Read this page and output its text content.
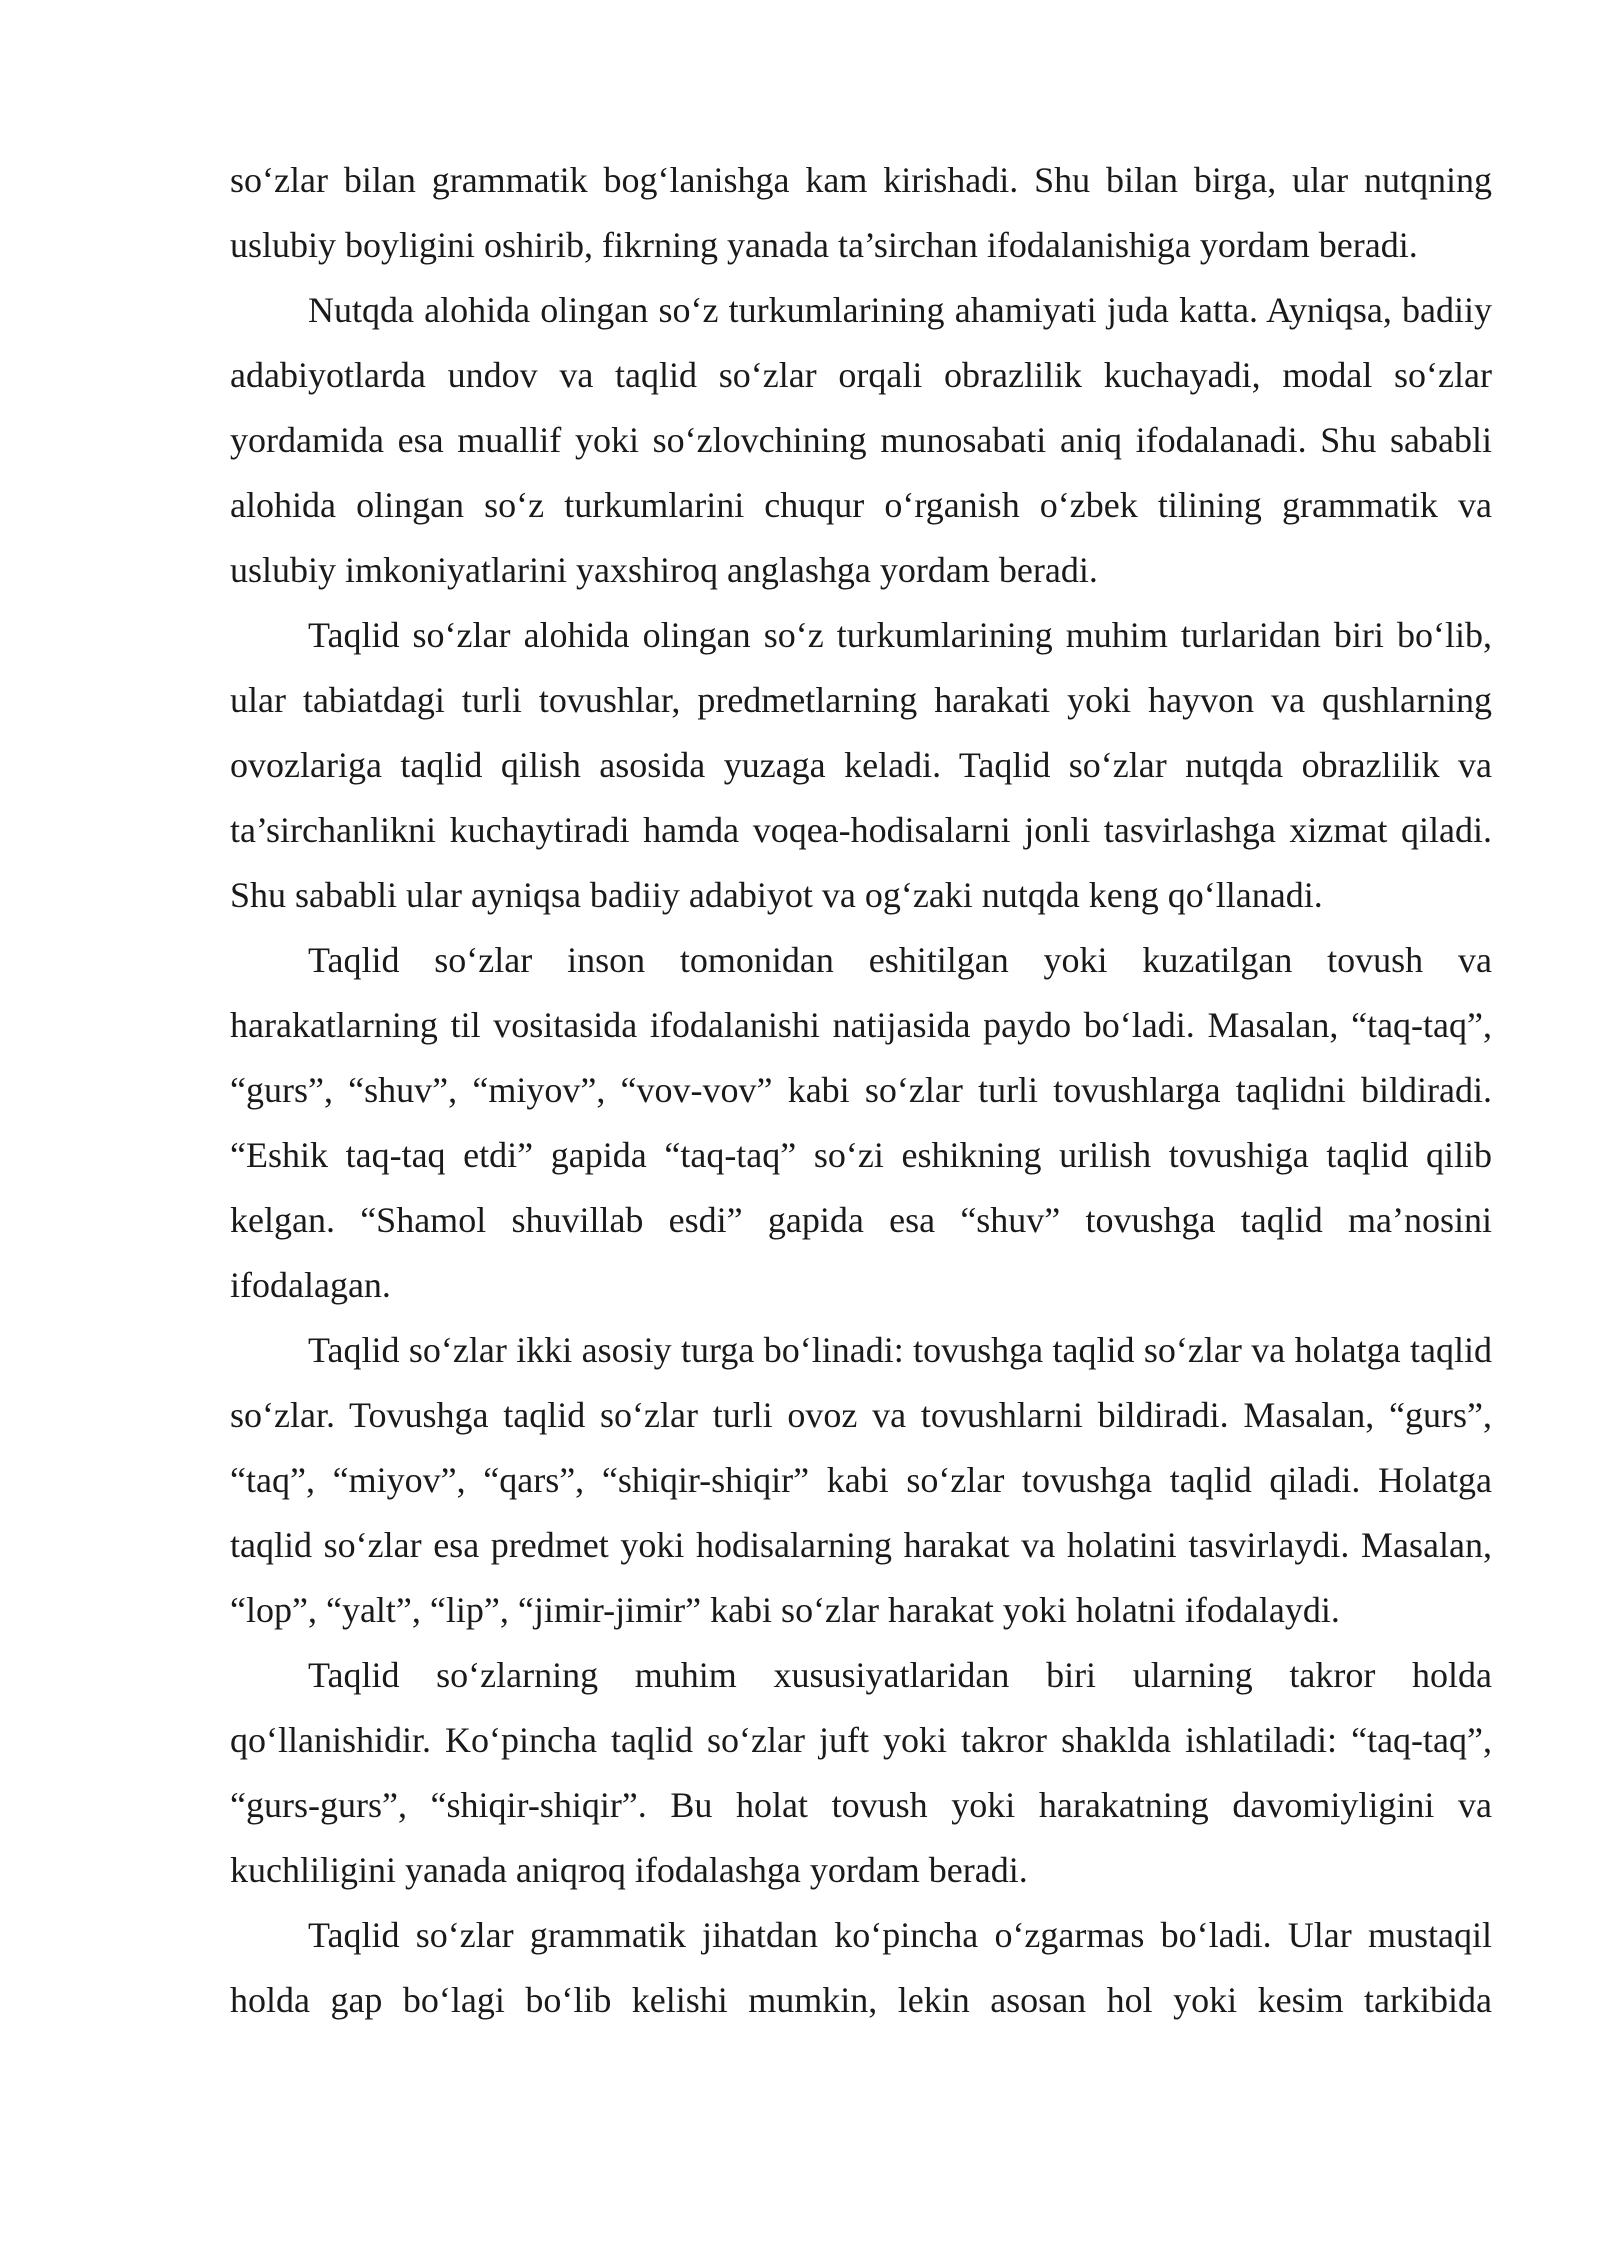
so‘zlar bilan grammatik bog‘lanishga kam kirishadi. Shu bilan birga, ular nutqning uslubiy boyligini oshirib, fikrning yanada ta’sirchan ifodalanishiga yordam beradi.

Nutqda alohida olingan so‘z turkumlarining ahamiyati juda katta. Ayniqsa, badiiy adabiyotlarda undov va taqlid so‘zlar orqali obrazlilik kuchayadi, modal so‘zlar yordamida esa muallif yoki so‘zlovchining munosabati aniq ifodalanadi. Shu sababli alohida olingan so‘z turkumlarini chuqur o‘rganish o‘zbek tilining grammatik va uslubiy imkoniyatlarini yaxshiroq anglashga yordam beradi.

Taqlid so‘zlar alohida olingan so‘z turkumlarining muhim turlaridan biri bo‘lib, ular tabiatdagi turli tovushlar, predmetlarning harakati yoki hayvon va qushlarning ovozlariga taqlid qilish asosida yuzaga keladi. Taqlid so‘zlar nutqda obrazlilik va ta’sirchanlikni kuchaytiradi hamda voqea-hodisalarni jonli tasvirlashga xizmat qiladi. Shu sababli ular ayniqsa badiiy adabiyot va og‘zaki nutqda keng qo‘llanadi.

Taqlid so‘zlar inson tomonidan eshitilgan yoki kuzatilgan tovush va harakatlarning til vositasida ifodalanishi natijasida paydo bo‘ladi. Masalan, “taq-taq”, “gurs”, “shuv”, “miyov”, “vov-vov” kabi so‘zlar turli tovushlarga taqlidni bildiradi. “Eshik taq-taq etdi” gapida “taq-taq” so‘zi eshikning urilish tovushiga taqlid qilib kelgan. “Shamol shuvillab esdi” gapida esa “shuv” tovushga taqlid ma’nosini ifodalagan.

Taqlid so‘zlar ikki asosiy turga bo‘linadi: tovushga taqlid so‘zlar va holatga taqlid so‘zlar. Tovushga taqlid so‘zlar turli ovoz va tovushlarni bildiradi. Masalan, “gurs”, “taq”, “miyov”, “qars”, “shiqir-shiqir” kabi so‘zlar tovushga taqlid qiladi. Holatga taqlid so‘zlar esa predmet yoki hodisalarning harakat va holatini tasvirlaydi. Masalan, “lop”, “yalt”, “lip”, “jimir-jimir” kabi so‘zlar harakat yoki holatni ifodalaydi.

Taqlid so‘zlarning muhim xususiyatlaridan biri ularning takror holda qo‘llanishidir. Ko‘pincha taqlid so‘zlar juft yoki takror shaklda ishlatiladi: “taq-taq”, “gurs-gurs”, “shiqir-shiqir”. Bu holat tovush yoki harakatning davomiyligini va kuchliligini yanada aniqroq ifodalashga yordam beradi.

Taqlid so‘zlar grammatik jihatdan ko‘pincha o‘zgarmas bo‘ladi. Ular mustaqil holda gap bo‘lagi bo‘lib kelishi mumkin, lekin asosan hol yoki kesim tarkibida
